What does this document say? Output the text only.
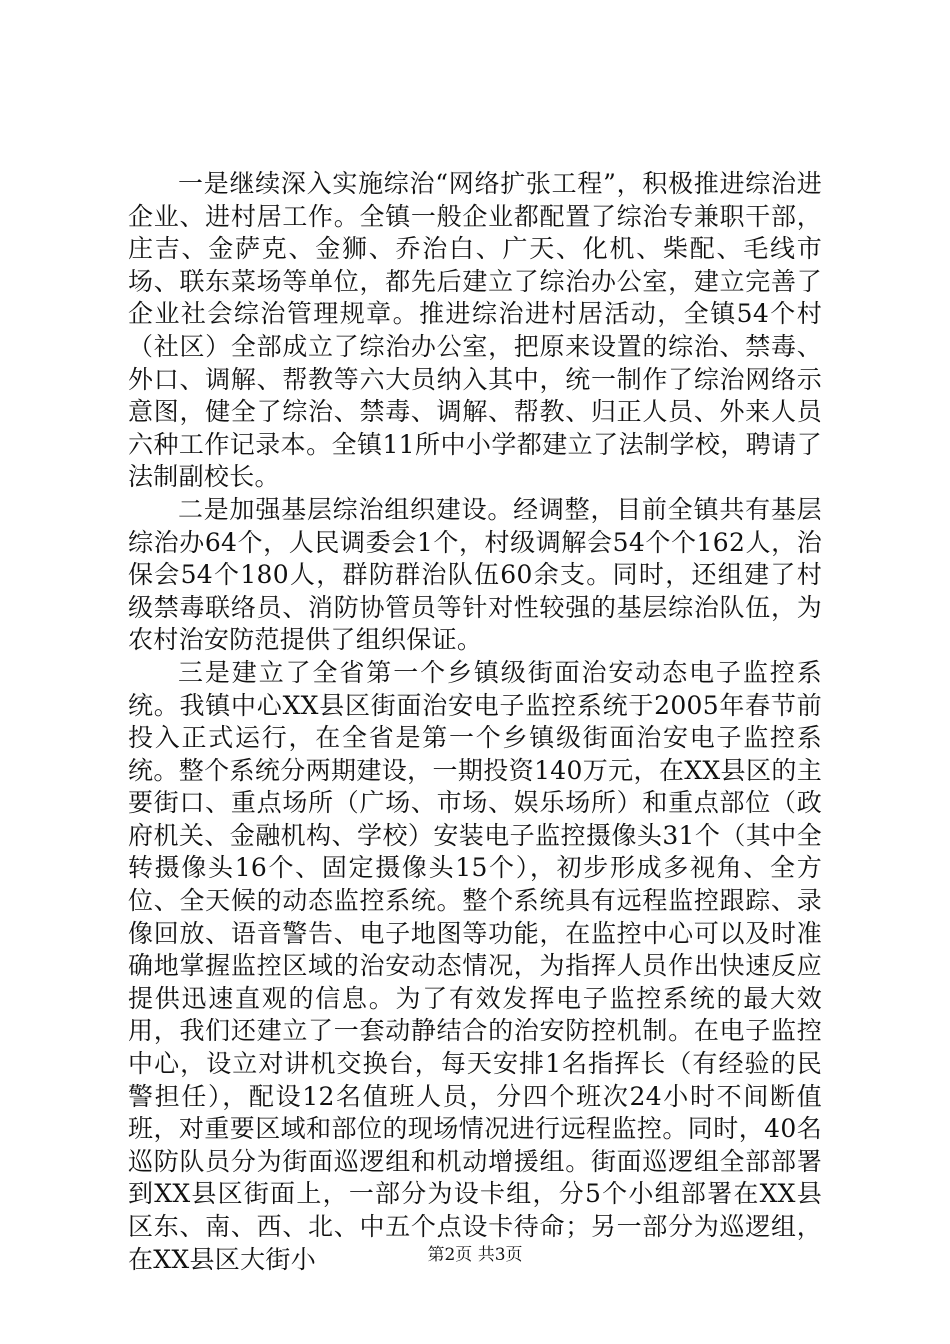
一是继续深入实施综治“网络扩张工程”，积极推进综治进企业、进村居工作。全镇一般企业都配置了综治专兼职干部，庄吉、金萨克、金狮、乔治白、广天、化机、柴配、毛线市场、联东菜场等单位，都先后建立了综治办公室，建立完善了企业社会综治管理规章。推进综治进村居活动，全镇54个村（社区）全部成立了综治办公室，把原来设置的综治、禁毒、外口、调解、帮教等六大员纳入其中，统一制作了综治网络示意图，健全了综治、禁毒、调解、帮教、归正人员、外来人员六种工作记录本。全镇11所中小学都建立了法制学校，聘请了法制副校长。

二是加强基层综治组织建设。经调整，目前全镇共有基层综治办64个，人民调委会1个，村级调解会54个个162人，治保会54个180人，群防群治队伍60余支。同时，还组建了村级禁毒联络员、消防协管员等针对性较强的基层综治队伍，为农村治安防范提供了组织保证。

三是建立了全省第一个乡镇级街面治安动态电子监控系统。我镇中心XX县区街面治安电子监控系统于2005年春节前投入正式运行，在全省是第一个乡镇级街面治安电子监控系统。整个系统分两期建设，一期投资140万元，在XX县区的主要街口、重点场所（广场、市场、娱乐场所）和重点部位（政府机关、金融机构、学校）安装电子监控摄像头31个（其中全转摄像头16个、固定摄像头15个），初步形成多视角、全方位、全天候的动态监控系统。整个系统具有远程监控跟踪、录像回放、语音警告、电子地图等功能，在监控中心可以及时准确地掌握监控区域的治安动态情况，为指挥人员作出快速反应提供迅速直观的信息。为了有效发挥电子监控系统的最大效用，我们还建立了一套动静结合的治安防控机制。在电子监控中心，设立对讲机交换台，每天安排1名指挥长（有经验的民警担任），配设12名值班人员，分四个班次24小时不间断值班，对重要区域和部位的现场情况进行远程监控。同时，40名巡防队员分为街面巡逻组和机动增援组。街面巡逻组全部部署到XX县区街面上，一部分为设卡组，分5个小组部署在XX县区东、南、西、北、中五个点设卡待命；另一部分为巡逻组，在XX县区大街小	第2页 共3页
